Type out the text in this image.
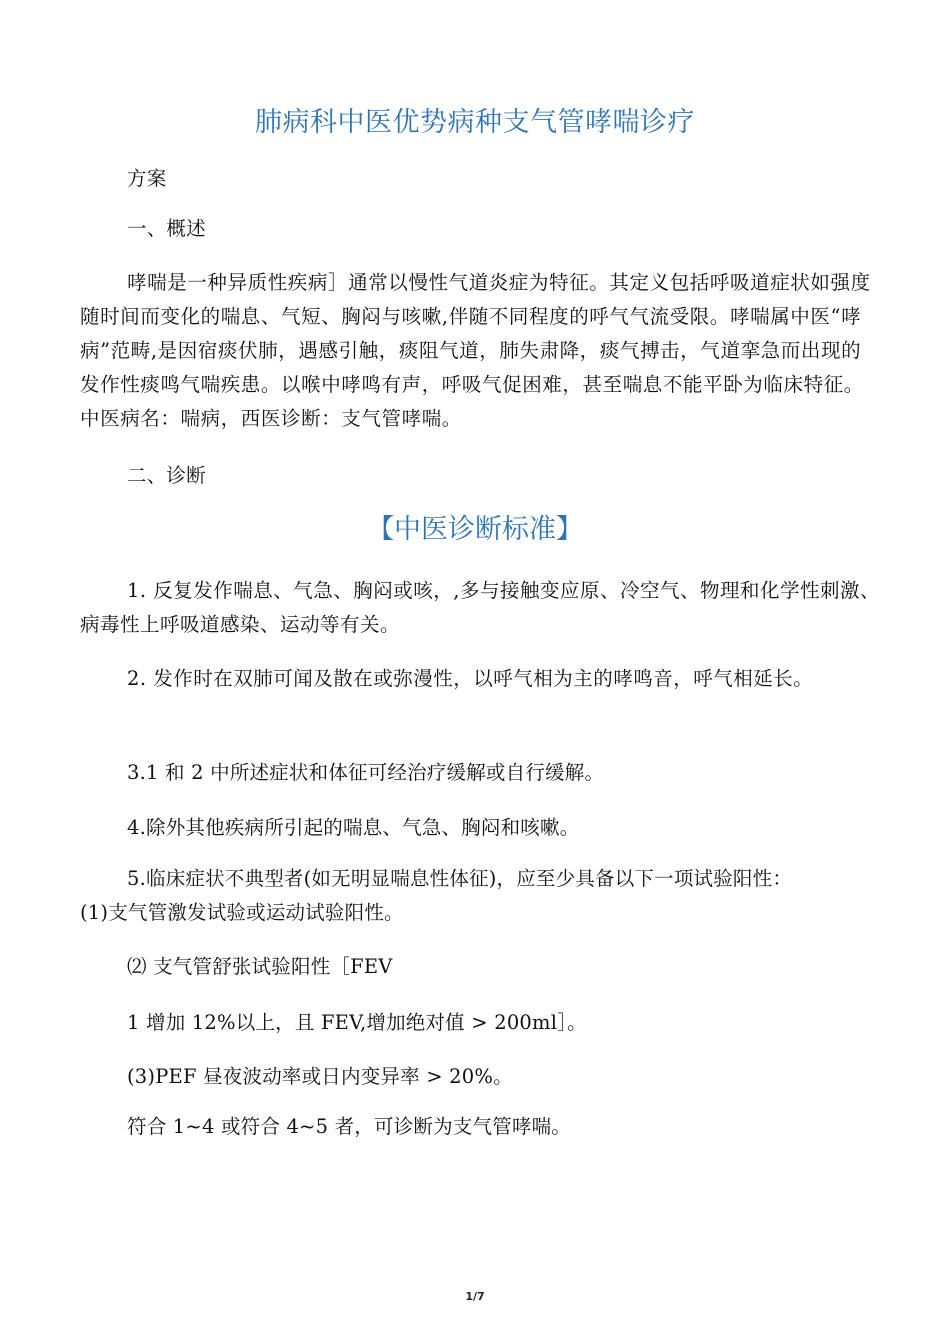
肺病科中医优势病种支气管哮喘诊疗
方案
一、概述
哮喘是一种异质性疾病］通常以慢性气道炎症为特征。其定义包括呼吸道症状如强度随时间而变化的喘息、气短、胸闷与咳嗽,伴随不同程度的呼气气流受限。哮喘属中医“哮病”范畴,是因宿痰伏肺，遇感引触，痰阻气道，肺失肃降，痰气搏击，气道挛急而出现的发作性痰鸣气喘疾患。以喉中哮鸣有声，呼吸气促困难，甚至喘息不能平卧为临床特征。中医病名：喘病，西医诊断：支气管哮喘。
二、诊断
【中医诊断标准】
1. 反复发作喘息、气急、胸闷或咳，,多与接触变应原、冷空气、物理和化学性刺激、病毒性上呼吸道感染、运动等有关。
2. 发作时在双肺可闻及散在或弥漫性，以呼气相为主的哮鸣音，呼气相延长。
3.1 和 2 中所述症状和体征可经治疗缓解或自行缓解。
4.除外其他疾病所引起的喘息、气急、胸闷和咳嗽。
5.临床症状不典型者(如无明显喘息性体征)，应至少具备以下一项试验阳性：
(1)支气管激发试验或运动试验阳性。
⑵ 支气管舒张试验阳性［FEV
1 增加 12%以上，且 FEV,增加绝对值 > 200ml］。
(3)PEF 昼夜波动率或日内变异率 > 20%。
符合 1~4 或符合 4~5 者，可诊断为支气管哮喘。
1/7
